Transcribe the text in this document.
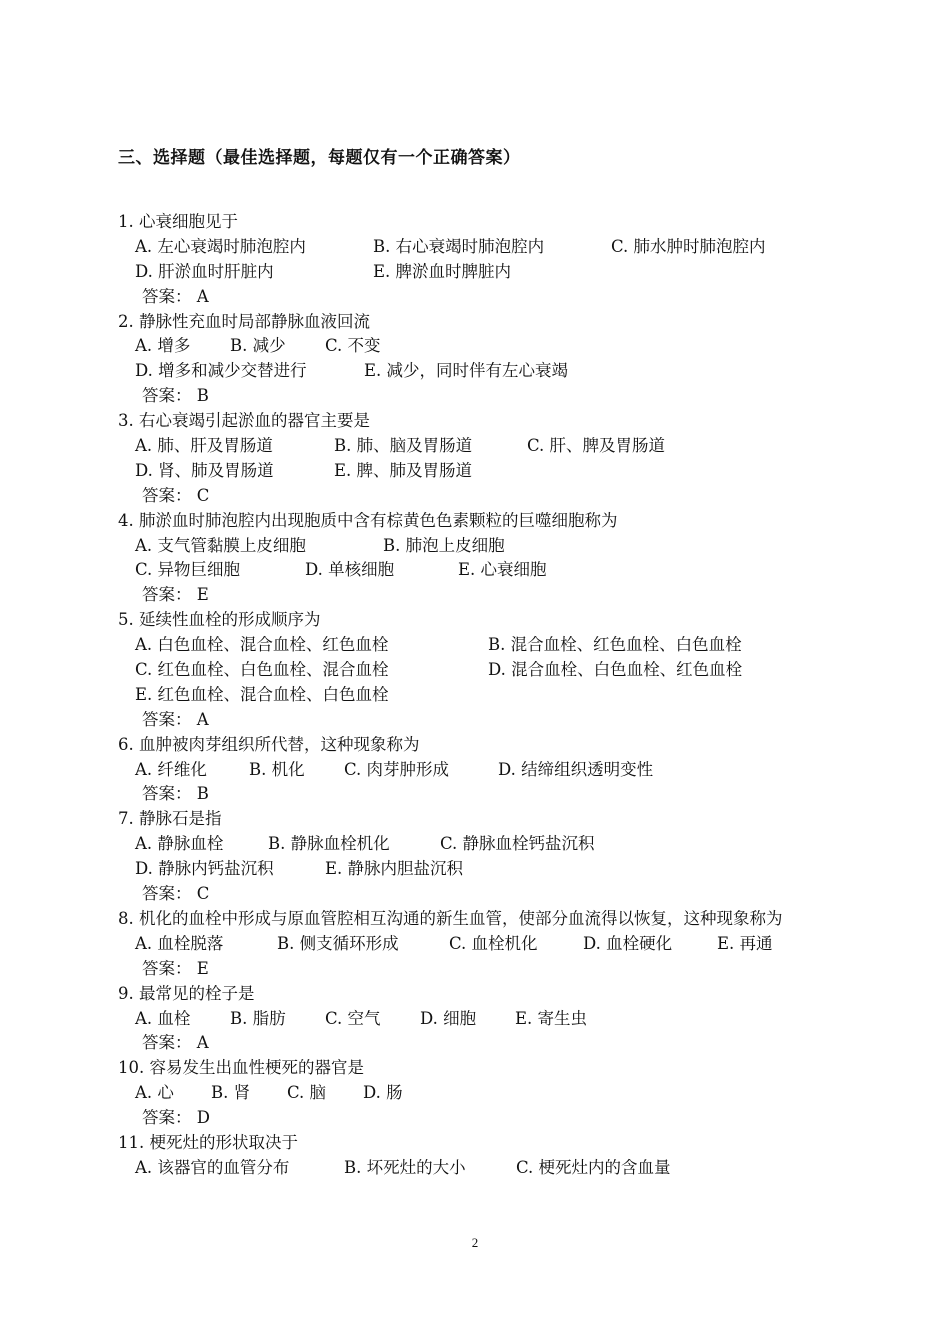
三、选择题（最佳选择题，每题仅有一个正确答案）
1. 心衰细胞见于
A. 左心衰竭时肺泡腔内	B. 右心衰竭时肺泡腔内	C. 肺水肿时肺泡腔内
D. 肝淤血时肝脏内	E. 脾淤血时脾脏内
答案： A
2. 静脉性充血时局部静脉血液回流
A. 增多 B. 减少 C. 不变
D. 增多和减少交替进行	E. 减少，同时伴有左心衰竭
答案： B
3. 右心衰竭引起淤血的器官主要是
A. 肺、肝及胃肠道	B. 肺、脑及胃肠道	C. 肝、脾及胃肠道
D. 肾、肺及胃肠道	E. 脾、肺及胃肠道
答案： C
4. 肺淤血时肺泡腔内出现胞质中含有棕黄色色素颗粒的巨噬细胞称为
A. 支气管黏膜上皮细胞	B. 肺泡上皮细胞
C. 异物巨细胞	D. 单核细胞	E. 心衰细胞
答案： E
5. 延续性血栓的形成顺序为
A. 白色血栓、混合血栓、红色血栓	B. 混合血栓、红色血栓、白色血栓
C. 红色血栓、白色血栓、混合血栓	D. 混合血栓、白色血栓、红色血栓
E. 红色血栓、混合血栓、白色血栓
答案： A
6. 血肿被肉芽组织所代替，这种现象称为
A. 纤维化	B. 机化 C. 肉芽肿形成	D. 结缔组织透明变性
答案： B
7. 静脉石是指
A. 静脉血栓	B. 静脉血栓机化	C. 静脉血栓钙盐沉积
D. 静脉内钙盐沉积	E. 静脉内胆盐沉积
答案： C
8. 机化的血栓中形成与原血管腔相互沟通的新生血管，使部分血流得以恢复，这种现象称为
A. 血栓脱落	B. 侧支循环形成	C. 血栓机化	D. 血栓硬化	E. 再通
答案： E
9. 最常见的栓子是
A. 血栓 B. 脂肪 C. 空气 D. 细胞 E. 寄生虫
答案： A
10. 容易发生出血性梗死的器官是
A. 心 B. 肾 C. 脑 D. 肠
答案： D
11. 梗死灶的形状取决于
A. 该器官的血管分布	B. 坏死灶的大小	C. 梗死灶内的含血量
2
